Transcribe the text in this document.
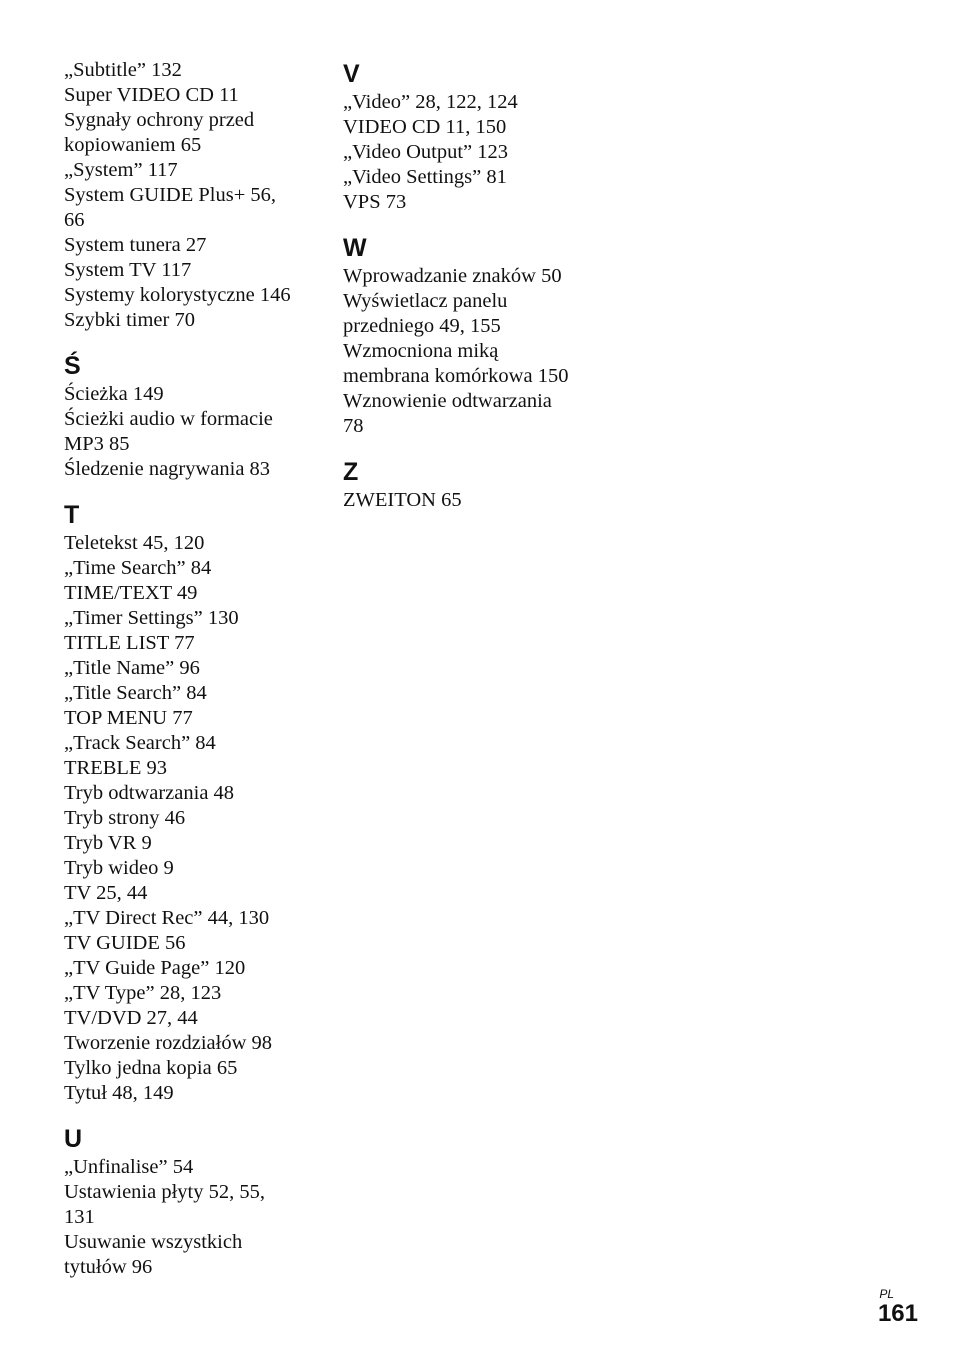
„Subtitle” 132
Super VIDEO CD 11
Sygnały ochrony przed
kopiowaniem 65
„System” 117
System GUIDE Plus+ 56,
66
System tunera 27
System TV 117
Systemy kolorystyczne 146
Szybki timer 70
Ś
Ścieżka 149
Ścieżki audio w formacie
MP3 85
Śledzenie nagrywania 83
T
Teletekst 45, 120
„Time Search” 84
TIME/TEXT 49
„Timer Settings” 130
TITLE LIST 77
„Title Name” 96
„Title Search” 84
TOP MENU 77
„Track Search” 84
TREBLE 93
Tryb odtwarzania 48
Tryb strony 46
Tryb VR 9
Tryb wideo 9
TV 25, 44
„TV Direct Rec” 44, 130
TV GUIDE 56
„TV Guide Page” 120
„TV Type” 28, 123
TV/DVD 27, 44
Tworzenie rozdziałów 98
Tylko jedna kopia 65
Tytuł 48, 149
U
„Unfinalise” 54
Ustawienia płyty 52, 55,
131
Usuwanie wszystkich
tytułów 96
V
„Video” 28, 122, 124
VIDEO CD 11, 150
„Video Output” 123
„Video Settings” 81
VPS 73
W
Wprowadzanie znaków 50
Wyświetlacz panelu
przedniego 49, 155
Wzmocniona miką
membrana komórkowa 150
Wznowienie odtwarzania
78
Z
ZWEITON 65
PL
161
